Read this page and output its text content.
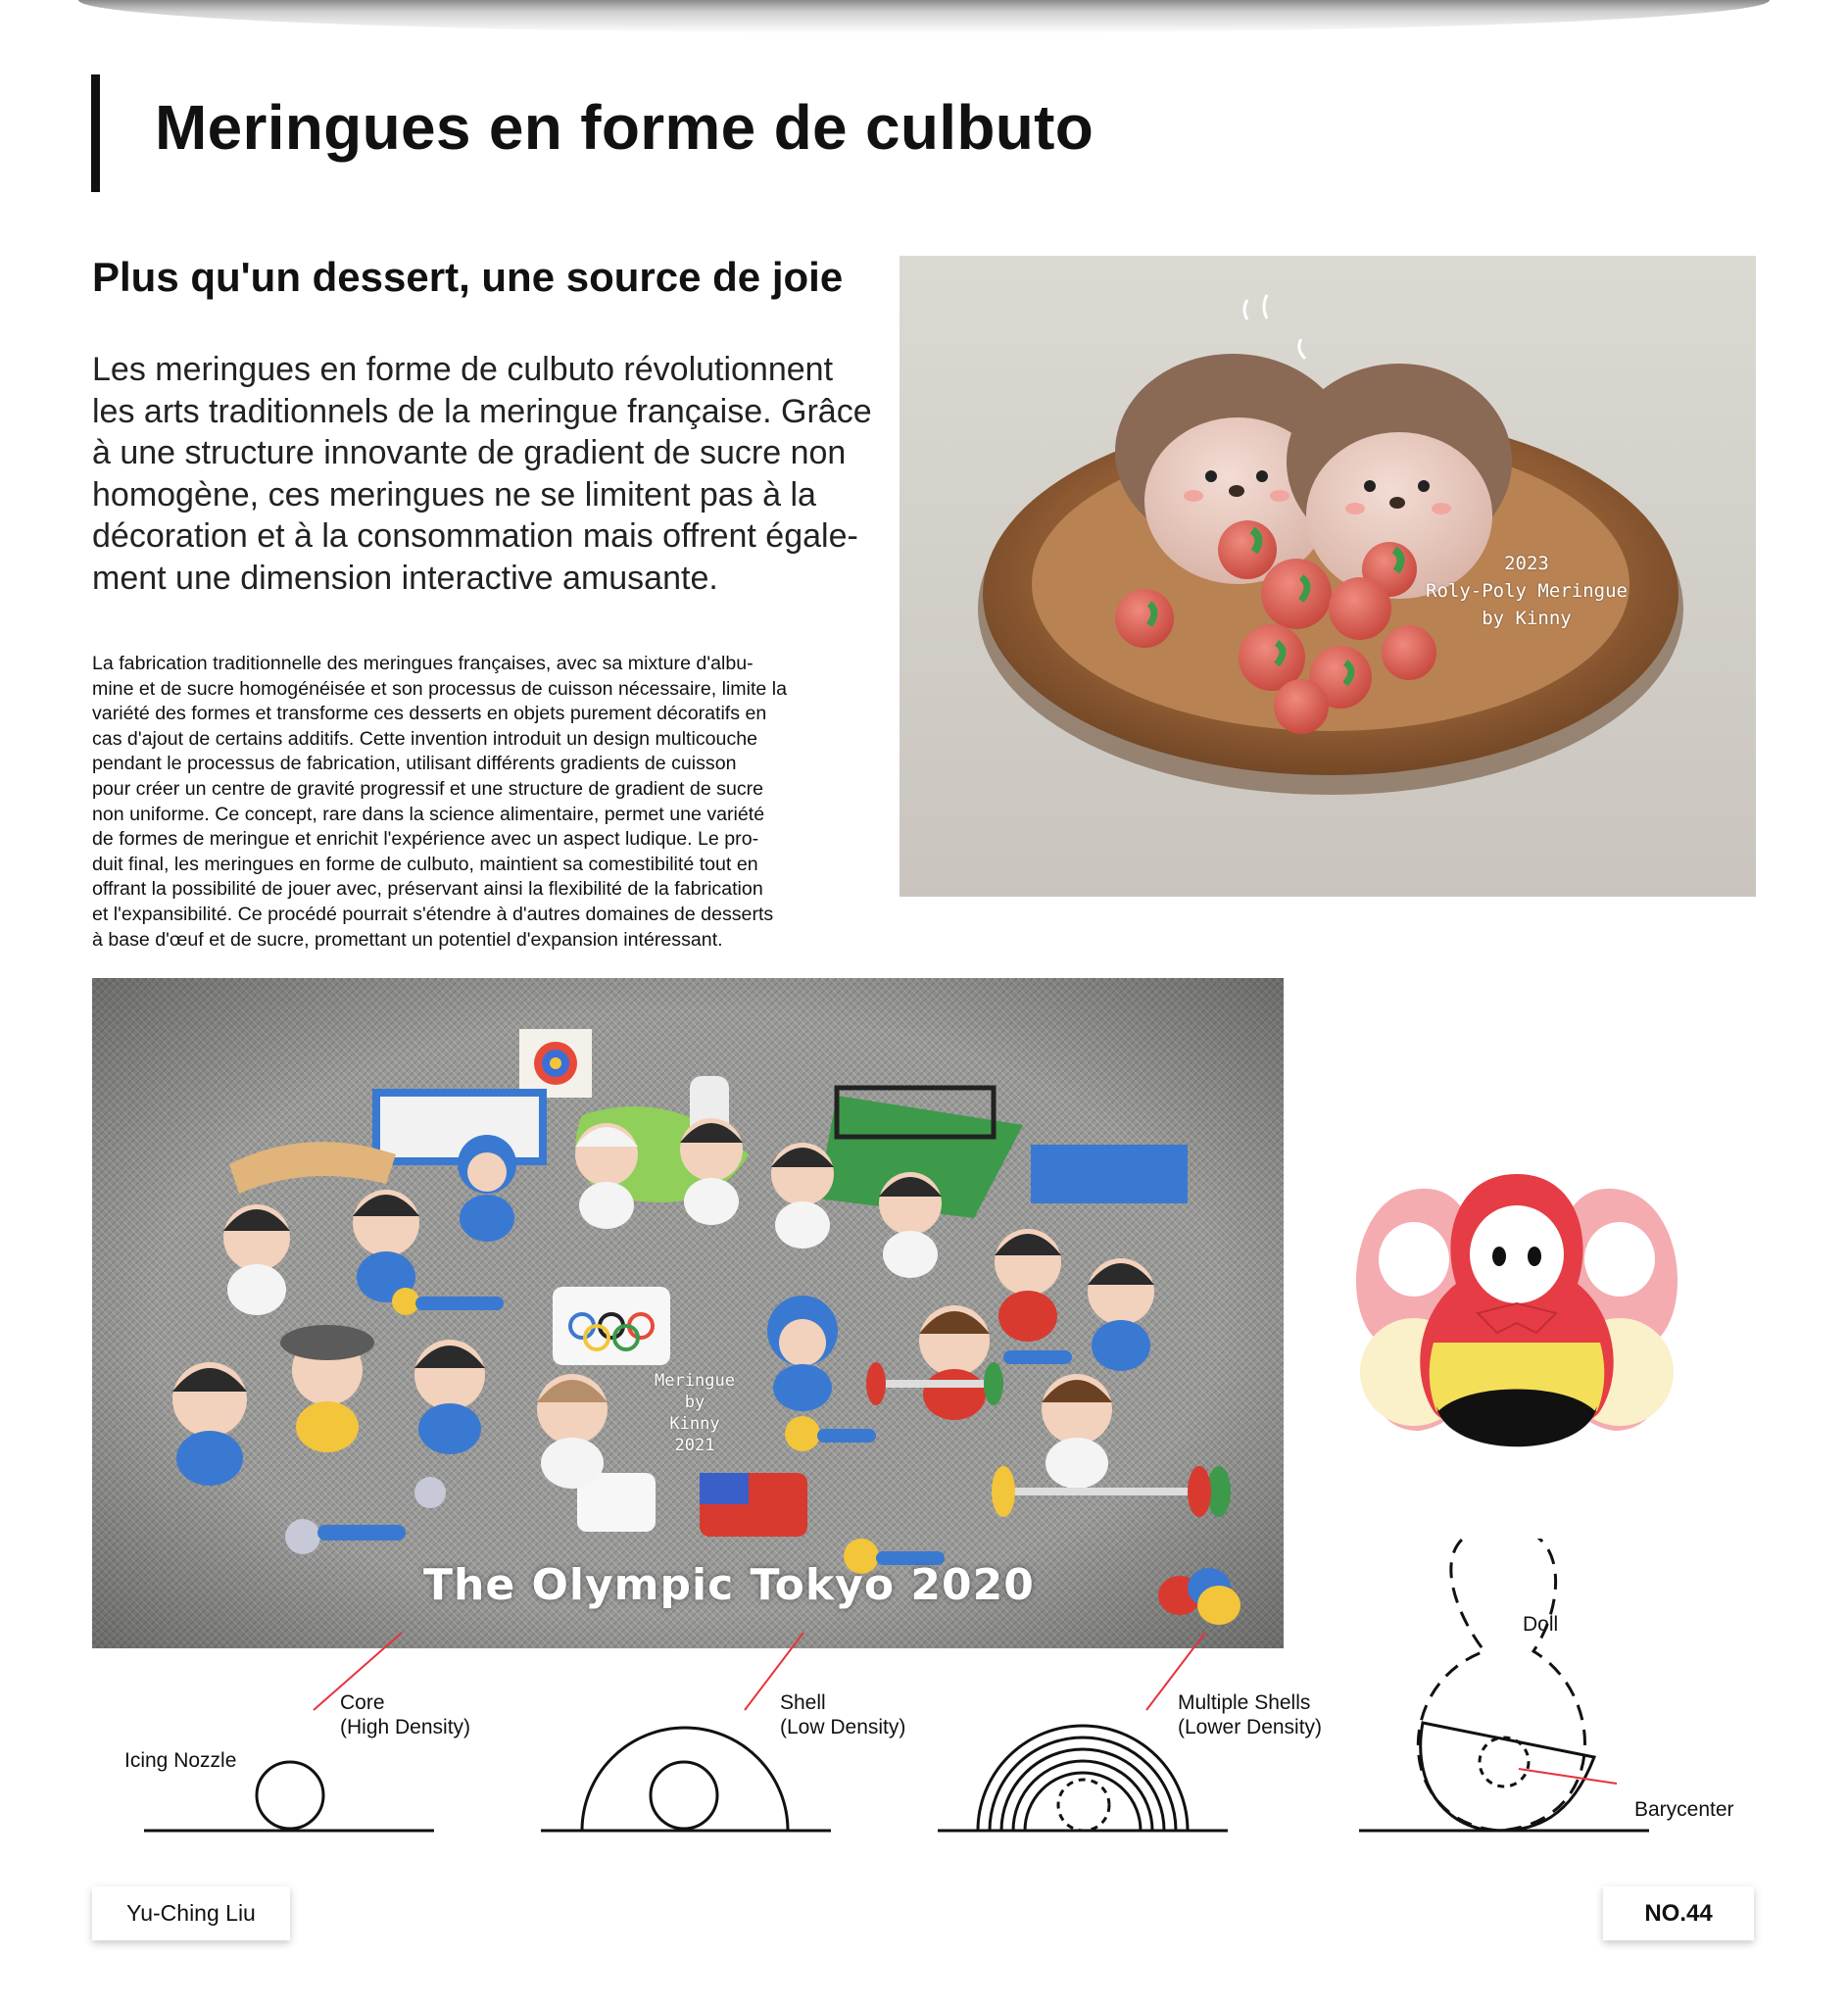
Meringues en forme de culbuto
Plus qu'un dessert, une source de joie

Les meringues en forme de culbuto révolutionnent
les arts traditionnels de la meringue française. Grâce
à une structure innovante de gradient de sucre non
homogène, ces meringues ne se limitent pas à la
décoration et à la consommation mais offrent égale-
ment une dimension interactive amusante.

La fabrication traditionnelle des meringues françaises, avec sa mixture d'albu-
mine et de sucre homogénéisée et son processus de cuisson nécessaire, limite la
variété des formes et transforme ces desserts en objets purement décoratifs en
cas d'ajout de certains additifs. Cette invention introduit un design multicouche
pendant le processus de fabrication, utilisant différents gradients de cuisson
pour créer un centre de gravité progressif et une structure de gradient de sucre
non uniforme. Ce concept, rare dans la science alimentaire, permet une variété
de formes de meringue et enrichit l'expérience avec un aspect ludique. Le pro-
duit final, les meringues en forme de culbuto, maintient sa comestibilité tout en
offrant la possibilité de jouer avec, préservant ainsi la flexibilité de la fabrication
et l'expansibilité. Ce procédé pourrait s'étendre à d'autres domaines de desserts
à base d'œuf et de sucre, promettant un potentiel d'expansion intéressant.

2023
Roly-Poly Meringue
by Kinny
Meringue
by
Kinny
2021
The Olympic Tokyo 2020
Core
(High Density)
Icing Nozzle
Shell
(Low Density)
Multiple Shells
(Lower Density)
Doll
Barycenter
Yu-Ching Liu	NO.44
